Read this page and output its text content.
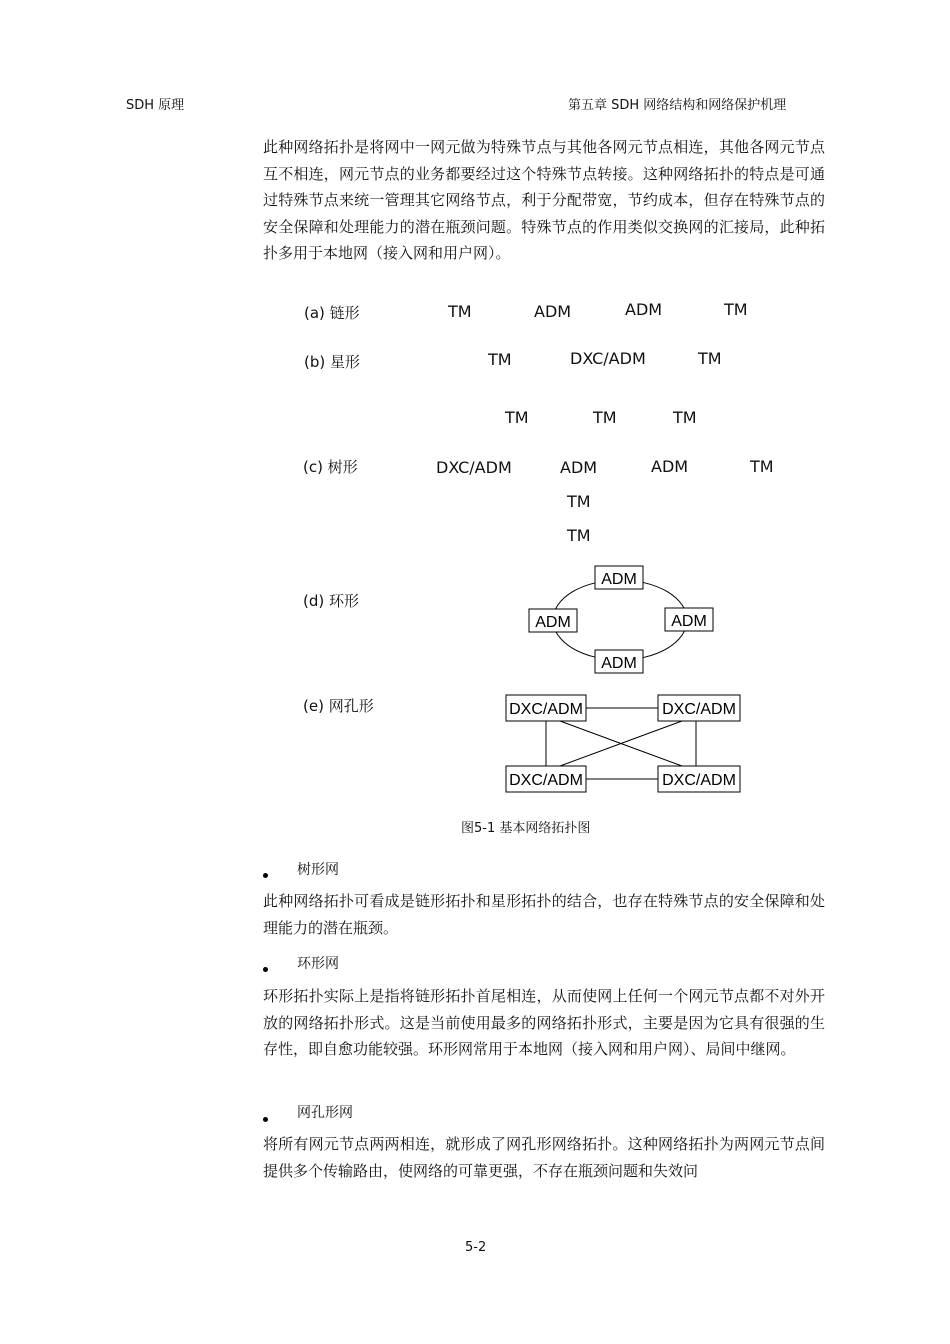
SDH 原理	第五章 SDH 网络结构和网络保护机理
此种网络拓扑是将网中一网元做为特殊节点与其他各网元节点相连，其他各网元节点互不相连，网元节点的业务都要经过这个特殊节点转接。这种网络拓扑的特点是可通过特殊节点来统一管理其它网络节点，利于分配带宽，节约成本，但存在特殊节点的安全保障和处理能力的潜在瓶颈问题。特殊节点的作用类似交换网的汇接局，此种拓扑多用于本地网（接入网和用户网）。
(a) 链形	TM	ADM	ADM	TM
(b) 星形	TM	DXC/ADM	TM
TM	TM	TM
(c) 树形	DXC/ADM	ADM	ADM	TM
TM
TM
(d) 环形
ADM
ADM	ADM
ADM
(e) 网孔形	DXC/ADM	DXC/ADM
DXC/ADM	DXC/ADM
图5-1 基本网络拓扑图
树形网
此种网络拓扑可看成是链形拓扑和星形拓扑的结合，也存在特殊节点的安全保障和处理能力的潜在瓶颈。
环形网
环形拓扑实际上是指将链形拓扑首尾相连，从而使网上任何一个网元节点都不对外开放的网络拓扑形式。这是当前使用最多的网络拓扑形式，主要是因为它具有很强的生存性，即自愈功能较强。环形网常用于本地网（接入网和用户网）、局间中继网。
网孔形网
将所有网元节点两两相连，就形成了网孔形网络拓扑。这种网络拓扑为两网元节点间提供多个传输路由，使网络的可靠更强，不存在瓶颈问题和失效问
5-2
